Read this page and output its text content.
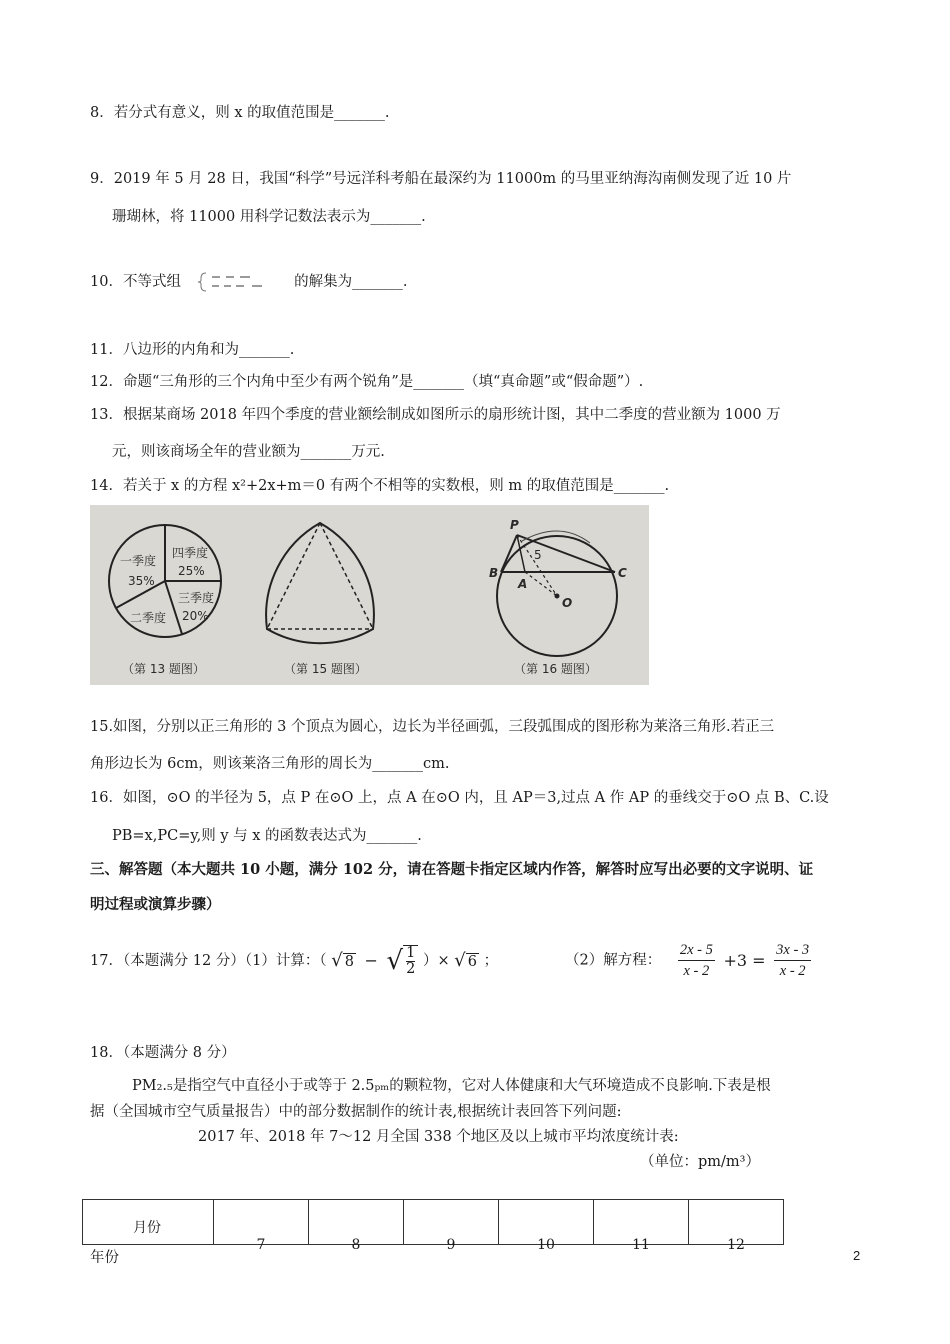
8．若分式有意义，则 x 的取值范围是_______.
9．2019 年 5 月 28 日，我国“科学”号远洋科考船在最深约为 11000m 的马里亚纳海沟南侧发现了近 10 片
珊瑚林，将 11000 用科学记数法表示为_______.
10．不等式组	的解集为_______.
11．八边形的内角和为_______.
12．命题“三角形的三个内角中至少有两个锐角”是_______（填“真命题”或“假命题”）.
13．根据某商场 2018 年四个季度的营业额绘制成如图所示的扇形统计图，其中二季度的营业额为 1000 万
元，则该商场全年的营业额为_______万元.
14．若关于 x 的方程 x²+2x+m＝0 有两个不相等的实数根，则 m 的取值范围是_______.
一季度
35%
四季度
25%
三季度
20%
二季度
（第 13 题图）	（第 15 题图）
P
B
A
C
O
5
（第 16 题图）
15.如图，分别以正三角形的 3 个顶点为圆心，边长为半径画弧，三段弧围成的图形称为莱洛三角形.若正三
角形边长为 6cm，则该莱洛三角形的周长为_______cm.
16．如图，⊙O 的半径为 5，点 P 在⊙O 上，点 A 在⊙O 内，且 AP＝3,过点 A 作 AP 的垂线交于⊙O 点 B、C.设
PB=x,PC=y,则 y 与 x 的函数表达式为_______.
三、解答题（本大题共 10 小题，满分 102 分，请在答题卡指定区域内作答，解答时应写出必要的文字说明、证
明过程或演算步骤）
17．（本题满分 12 分）（1）计算：（ √ 8 − √ $\frac{1}{2}$ ）× √ 6 ；	（2）解方程： $\frac{2x - 5}{x - 2} +3 = \frac{3x - 3}{x - 2}$
18．（本题满分 8 分）
PM₂.₅是指空气中直径小于或等于 2.5ₚₘ的颗粒物，它对人体健康和大气环境造成不良影响.下表是根
据（全国城市空气质量报告）中的部分数据制作的统计表,根据统计表回答下列问题:
2017 年、2018 年 7～12 月全国 338 个地区及以上城市平均浓度统计表:
（单位：pm/m³）
月份	7	8	9	10	11	12
年份	2
